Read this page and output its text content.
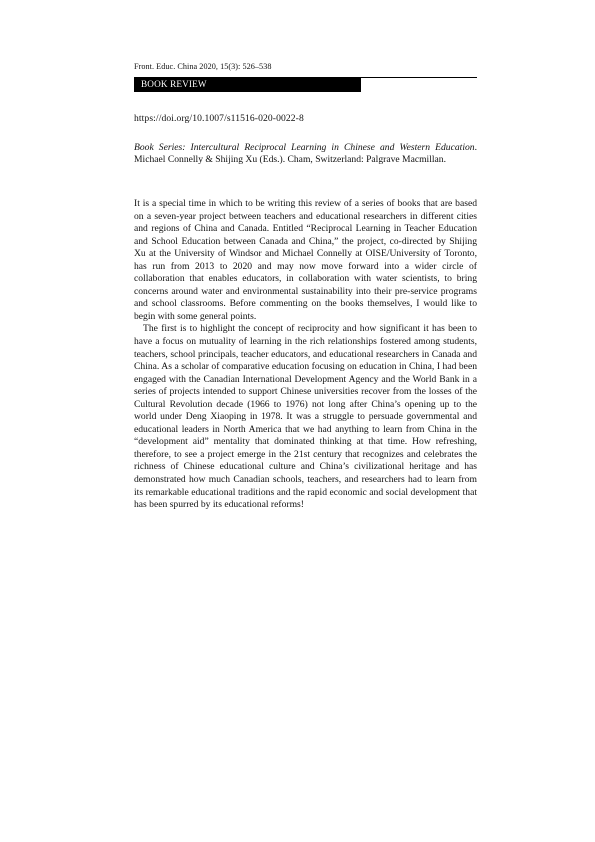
Front. Educ. China 2020, 15(3): 526–538
BOOK REVIEW
https://doi.org/10.1007/s11516-020-0022-8
Book Series: Intercultural Reciprocal Learning in Chinese and Western Education. Michael Connelly & Shijing Xu (Eds.). Cham, Switzerland: Palgrave Macmillan.

It is a special time in which to be writing this review of a series of books that are based on a seven-year project between teachers and educational researchers in different cities and regions of China and Canada. Entitled “Reciprocal Learning in Teacher Education and School Education between Canada and China,” the project, co-directed by Shijing Xu at the University of Windsor and Michael Connelly at OISE/University of Toronto, has run from 2013 to 2020 and may now move forward into a wider circle of collaboration that enables educators, in collaboration with water scientists, to bring concerns around water and environmental sustainability into their pre-service programs and school classrooms. Before commenting on the books themselves, I would like to begin with some general points.

The first is to highlight the concept of reciprocity and how significant it has been to have a focus on mutuality of learning in the rich relationships fostered among students, teachers, school principals, teacher educators, and educational researchers in Canada and China. As a scholar of comparative education focusing on education in China, I had been engaged with the Canadian International Development Agency and the World Bank in a series of projects intended to support Chinese universities recover from the losses of the Cultural Revolution decade (1966 to 1976) not long after China’s opening up to the world under Deng Xiaoping in 1978. It was a struggle to persuade governmental and educational leaders in North America that we had anything to learn from China in the “development aid” mentality that dominated thinking at that time. How refreshing, therefore, to see a project emerge in the 21st century that recognizes and celebrates the richness of Chinese educational culture and China’s civilizational heritage and has demonstrated how much Canadian schools, teachers, and researchers had to learn from its remarkable educational traditions and the rapid economic and social development that has been spurred by its educational reforms!
